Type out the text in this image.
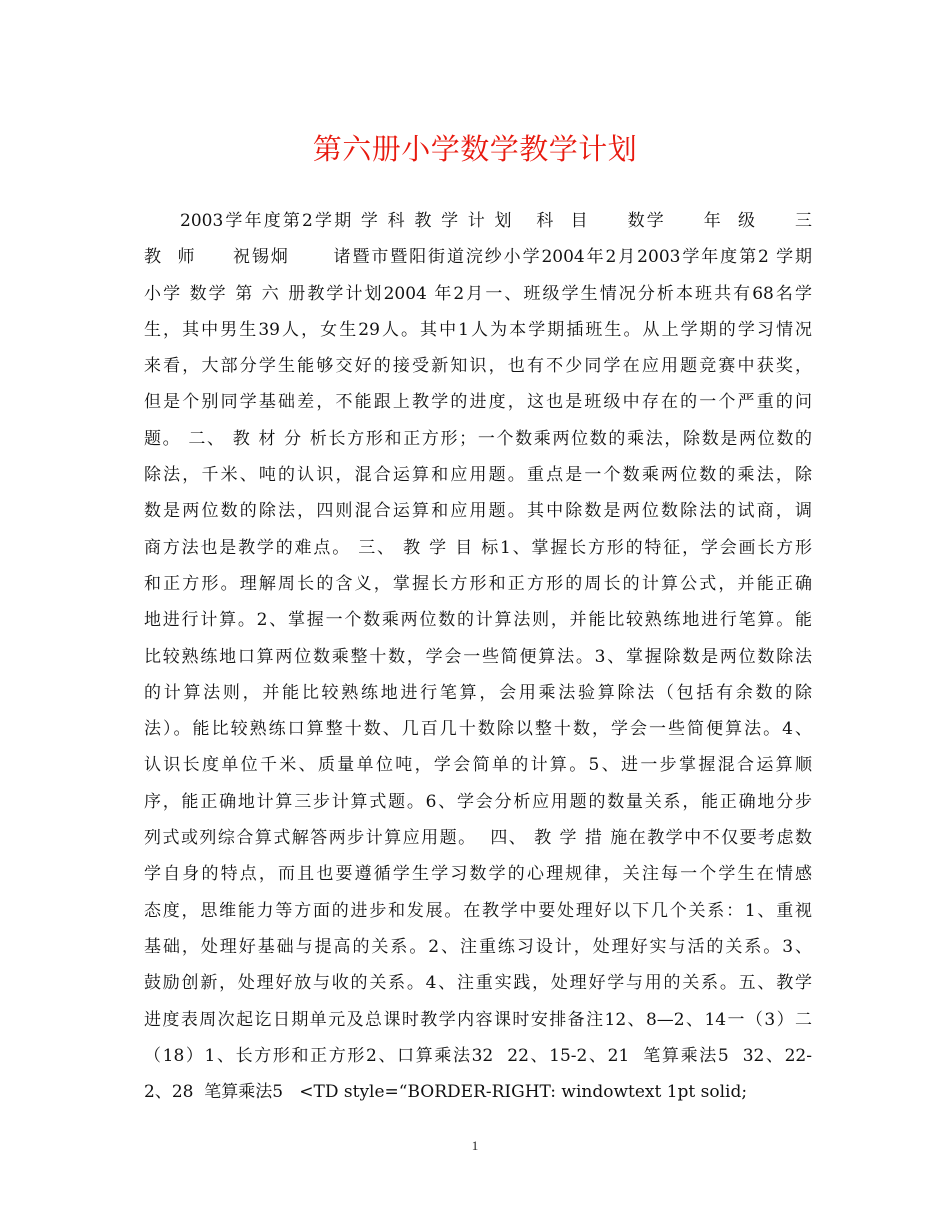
第六册小学数学教学计划
2003学年度第2学期 学 科 教 学 计 划   科  目     数学     年  级     三
教  师     祝锡炯      诸暨市暨阳街道浣纱小学2004年2月2003学年度第2 学期
小学 数学 第 六 册教学计划2004 年2月一、班级学生情况分析本班共有68名学
生，其中男生39人，女生29人。其中1人为本学期插班生。从上学期的学习情况
来看，大部分学生能够交好的接受新知识，也有不少同学在应用题竞赛中获奖，
但是个别同学基础差，不能跟上教学的进度，这也是班级中存在的一个严重的问
题。 二、 教 材 分 析长方形和正方形；一个数乘两位数的乘法，除数是两位数的
除法，千米、吨的认识，混合运算和应用题。重点是一个数乘两位数的乘法，除
数是两位数的除法，四则混合运算和应用题。其中除数是两位数除法的试商，调
商方法也是教学的难点。 三、 教 学 目 标1、掌握长方形的特征，学会画长方形
和正方形。理解周长的含义，掌握长方形和正方形的周长的计算公式，并能正确
地进行计算。2、掌握一个数乘两位数的计算法则，并能比较熟练地进行笔算。能
比较熟练地口算两位数乘整十数，学会一些简便算法。3、掌握除数是两位数除法
的计算法则，并能比较熟练地进行笔算，会用乘法验算除法（包括有余数的除
法）。能比较熟练口算整十数、几百几十数除以整十数，学会一些简便算法。4、
认识长度单位千米、质量单位吨，学会简单的计算。5、进一步掌握混合运算顺
序，能正确地计算三步计算式题。6、学会分析应用题的数量关系，能正确地分步
列式或列综合算式解答两步计算应用题。  四、 教 学 措 施在教学中不仅要考虑数
学自身的特点，而且也要遵循学生学习数学的心理规律，关注每一个学生在情感
态度，思维能力等方面的进步和发展。在教学中要处理好以下几个关系：1、重视
基础，处理好基础与提高的关系。2、注重练习设计，处理好实与活的关系。3、
鼓励创新，处理好放与收的关系。4、注重实践，处理好学与用的关系。五、教学
进度表周次起讫日期单元及总课时教学内容课时安排备注12、8—2、14一（3）二
（18）1、长方形和正方形2、口算乘法32  22、15-2、21  笔算乘法5  32、22-
2、28  笔算乘法5   <TD style=“BORDER-RIGHT: windowtext 1pt solid;
1
